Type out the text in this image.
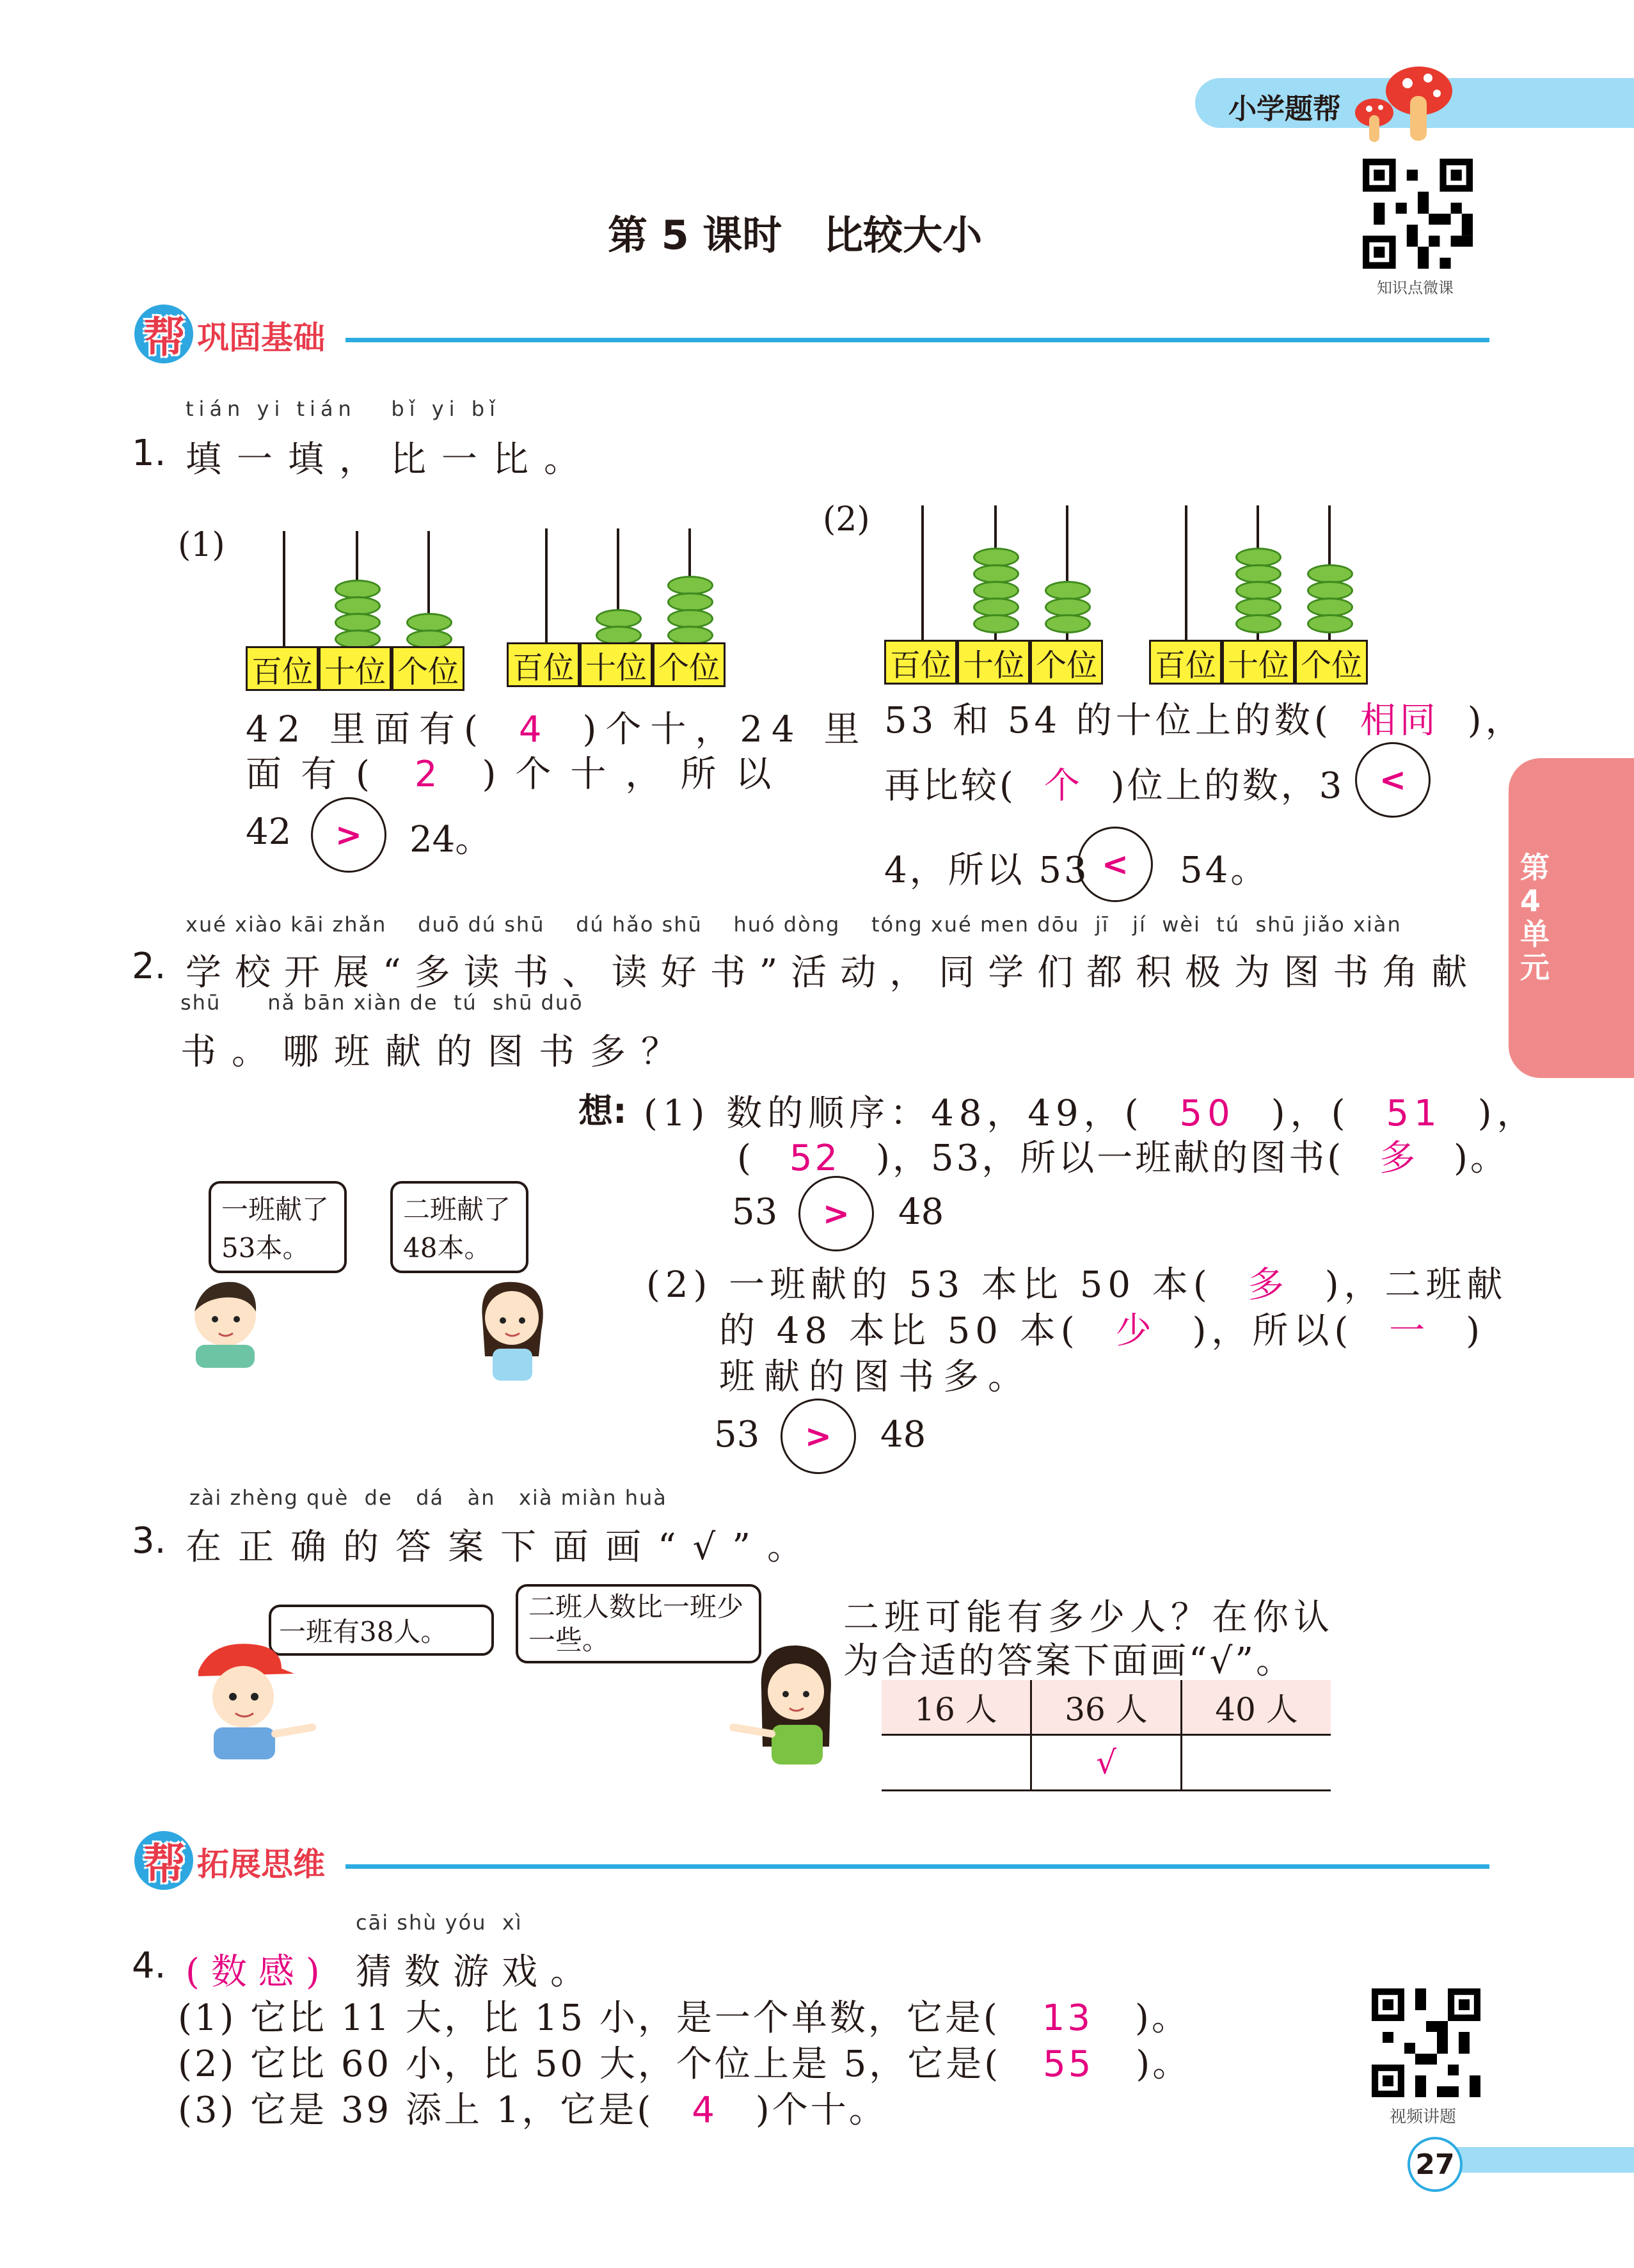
小学题帮
知识点微课
第 5 课时   比较大小
第4单元
帮 巩固基础
tián yi tián   bǐ yi bǐ
1. 填一填，比一比。
(1)
百位 十位 个位 百位 十位 个位
42 里面有( 4 )个十，24 里
面有( 2 )个十，所以
42	>	24。
(2)
百位 十位 个位 百位 十位 个位
53 和 54 的十位上的数( 相同 )，
再比较( 个 )位上的数，3	<
4，所以 53 <	54。
xué xiào kāi zhǎn    duō dú shū    dú hǎo shū    huó dòng    tóng xué men dōu  jī   jí  wèi  tú  shū jiǎo xiàn
2. 学校开展“多读书、读好书”活动，同学们都积极为图书角献
shū      nǎ bān xiàn de  tú  shū duō
书。哪班献的图书多？
一班献了53本。
二班献了48本。
想: (1) 数的顺序：48，49，( 50 )，( 51 )，
( 52 )，53，所以一班献的图书( 多 )。
53	>	48
(2) 一班献的 53 本比 50 本( 多 )，二班献
的 48 本比 50 本( 少 )，所以( 一 )
班献的图书多。
53	>	48
zài zhèng què  de   dá   àn   xià miàn huà
3. 在正确的答案下面画“√”。
一班有38人。
二班人数比一班少一些。
二班可能有多少人？在你认
为合适的答案下面画“√”。
16 人	36 人	40 人
	√	
帮 拓展思维
cāi shù yóu  xì
4. (数感) 猜数游戏。
(1) 它比 11 大，比 15 小，是一个单数，它是( 13 )。
(2) 它比 60 小，比 50 大，个位上是 5，它是( 55 )。
(3) 它是 39 添上 1，它是( 4 )个十。	视频讲题
27
